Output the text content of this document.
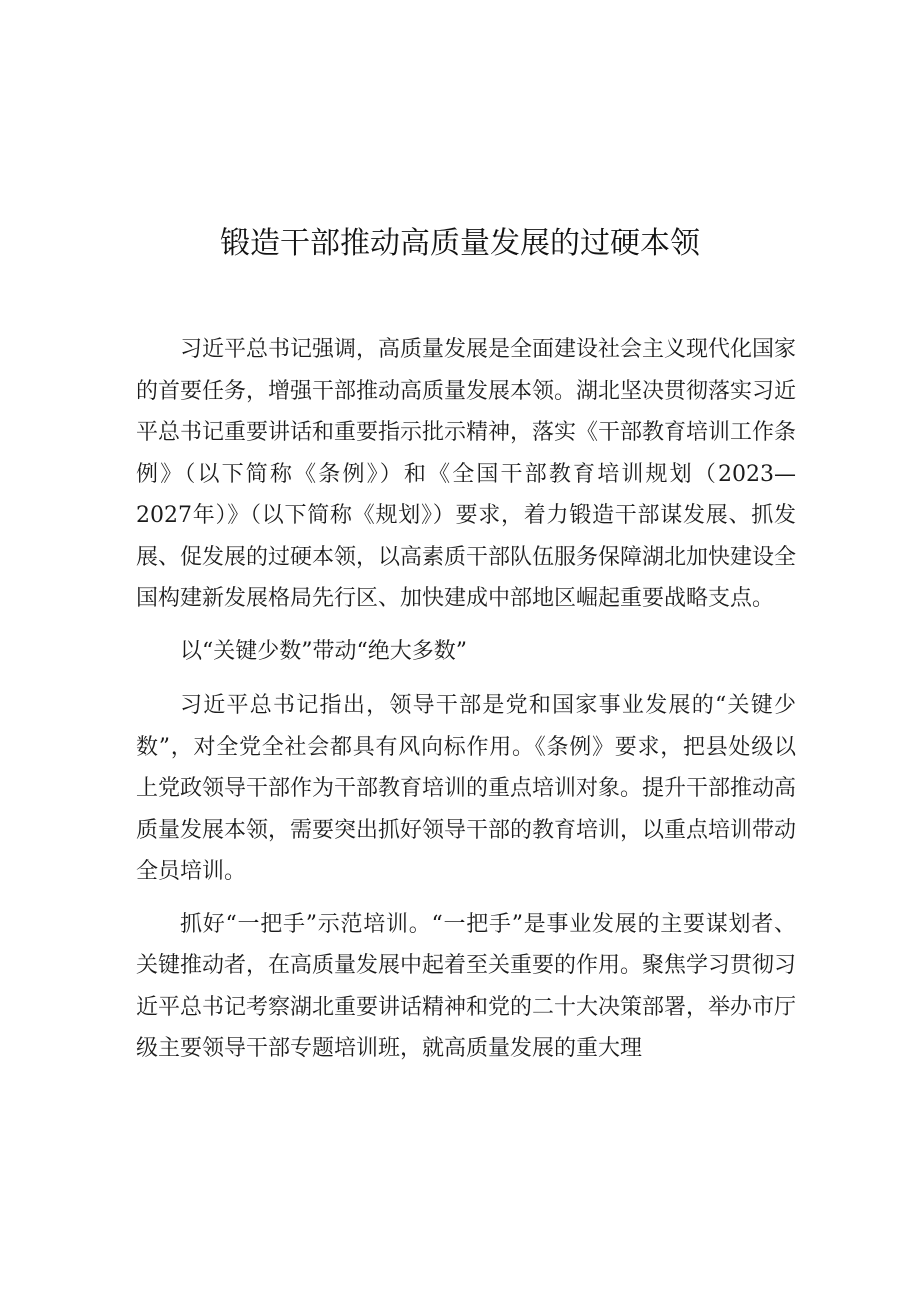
锻造干部推动高质量发展的过硬本领

习近平总书记强调，高质量发展是全面建设社会主义现代化国家的首要任务，增强干部推动高质量发展本领。湖北坚决贯彻落实习近平总书记重要讲话和重要指示批示精神，落实《干部教育培训工作条例》（以下简称《条例》）和《全国干部教育培训规划（2023—2027年）》（以下简称《规划》）要求，着力锻造干部谋发展、抓发展、促发展的过硬本领，以高素质干部队伍服务保障湖北加快建设全国构建新发展格局先行区、加快建成中部地区崛起重要战略支点。

以“关键少数”带动“绝大多数”

习近平总书记指出，领导干部是党和国家事业发展的“关键少数”，对全党全社会都具有风向标作用。《条例》要求，把县处级以上党政领导干部作为干部教育培训的重点培训对象。提升干部推动高质量发展本领，需要突出抓好领导干部的教育培训，以重点培训带动全员培训。

抓好“一把手”示范培训。“一把手”是事业发展的主要谋划者、关键推动者，在高质量发展中起着至关重要的作用。聚焦学习贯彻习近平总书记考察湖北重要讲话精神和党的二十大决策部署，举办市厅级主要领导干部专题培训班，就高质量发展的重大理
